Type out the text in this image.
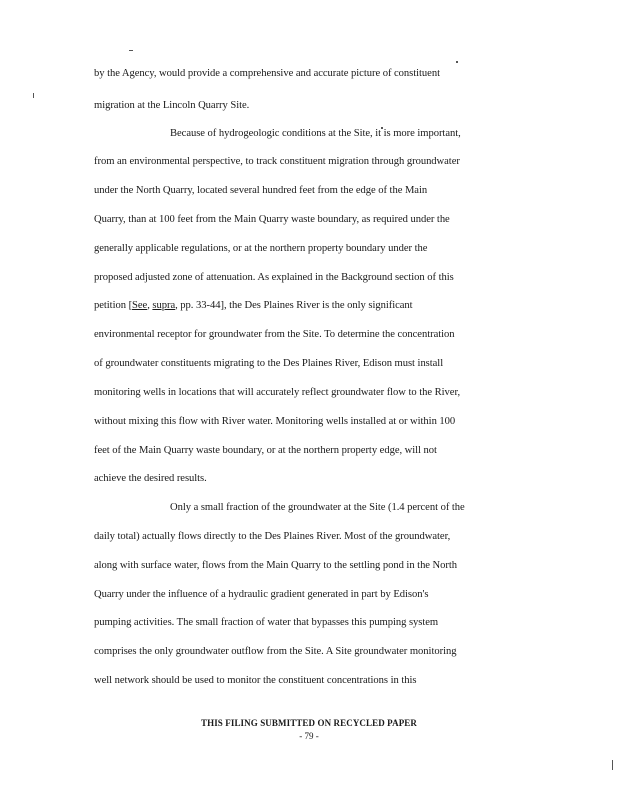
by the Agency, would provide a comprehensive and accurate picture of constituent
migration at the Lincoln Quarry Site.
Because of hydrogeologic conditions at the Site, it is more important,
from an environmental perspective, to track constituent migration through groundwater
under the North Quarry, located several hundred feet from the edge of the Main
Quarry, than at 100 feet from the Main Quarry waste boundary, as required under the
generally applicable regulations, or at the northern property boundary under the
proposed adjusted zone of attenuation. As explained in the Background section of this
petition [See, supra, pp. 33-44], the Des Plaines River is the only significant
environmental receptor for groundwater from the Site. To determine the concentration
of groundwater constituents migrating to the Des Plaines River, Edison must install
monitoring wells in locations that will accurately reflect groundwater flow to the River,
without mixing this flow with River water. Monitoring wells installed at or within 100
feet of the Main Quarry waste boundary, or at the northern property edge, will not
achieve the desired results.
Only a small fraction of the groundwater at the Site (1.4 percent of the
daily total) actually flows directly to the Des Plaines River. Most of the groundwater,
along with surface water, flows from the Main Quarry to the settling pond in the North
Quarry under the influence of a hydraulic gradient generated in part by Edison's
pumping activities. The small fraction of water that bypasses this pumping system
comprises the only groundwater outflow from the Site. A Site groundwater monitoring
well network should be used to monitor the constituent concentrations in this
THIS FILING SUBMITTED ON RECYCLED PAPER
- 79 -
